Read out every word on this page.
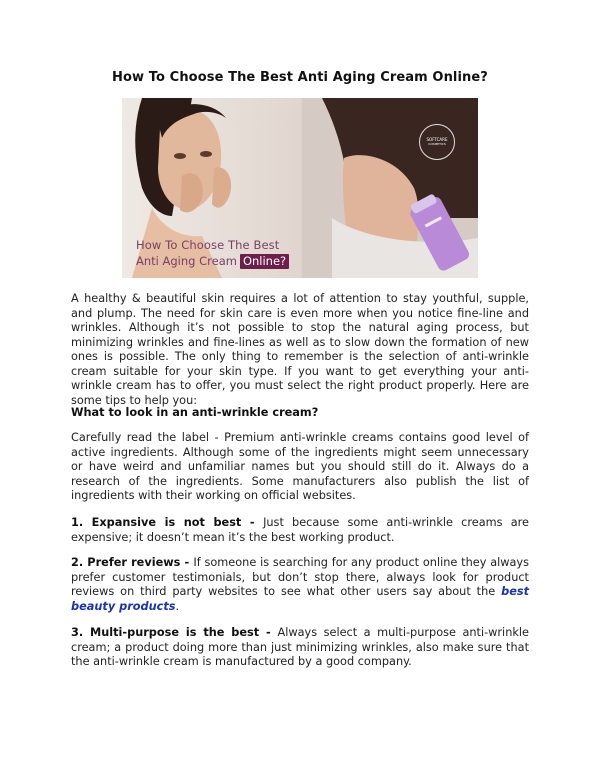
How To Choose The Best Anti Aging Cream Online?
SOFTCARE
COSMETICS
How To Choose The Best
Anti Aging Cream Online?
A healthy & beautiful skin requires a lot of attention to stay youthful, supple, and plump. The need for skin care is even more when you notice fine-line and wrinkles. Although it’s not possible to stop the natural aging process, but minimizing wrinkles and fine-lines as well as to slow down the formation of new ones is possible. The only thing to remember is the selection of anti-wrinkle cream suitable for your skin type. If you want to get everything your anti-wrinkle cream has to offer, you must select the right product properly. Here are some tips to help you:
What to look in an anti-wrinkle cream?
Carefully read the label - Premium anti-wrinkle creams contains good level of active ingredients. Although some of the ingredients might seem unnecessary or have weird and unfamiliar names but you should still do it. Always do a research of the ingredients. Some manufacturers also publish the list of ingredients with their working on official websites.
1. Expansive is not best - Just because some anti-wrinkle creams are expensive; it doesn’t mean it’s the best working product.
2. Prefer reviews - If someone is searching for any product online they always prefer customer testimonials, but don’t stop there, always look for product reviews on third party websites to see what other users say about the best beauty products.
3. Multi-purpose is the best - Always select a multi-purpose anti-wrinkle cream; a product doing more than just minimizing wrinkles, also make sure that the anti-wrinkle cream is manufactured by a good company.
